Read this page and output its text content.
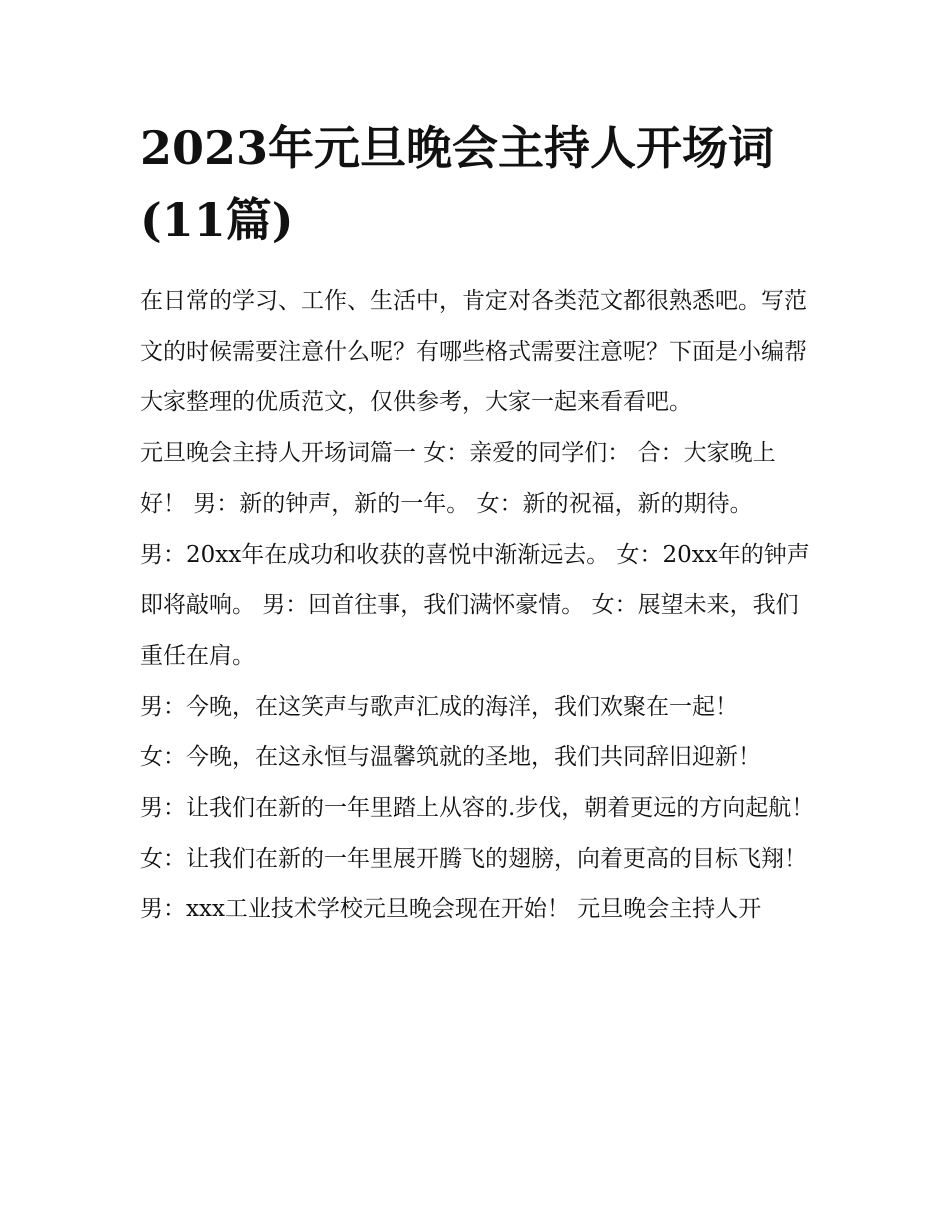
2023年元旦晚会主持人开场词(11篇)

在日常的学习、工作、生活中，肯定对各类范文都很熟悉吧。写范文的时候需要注意什么呢？有哪些格式需要注意呢？下面是小编帮大家整理的优质范文，仅供参考，大家一起来看看吧。

元旦晚会主持人开场词篇一 女：亲爱的同学们： 合：大家晚上好！ 男：新的钟声，新的一年。 女：新的祝福，新的期待。

男：20xx年在成功和收获的喜悦中渐渐远去。 女：20xx年的钟声即将敲响。 男：回首往事，我们满怀豪情。 女：展望未来，我们重任在肩。

男：今晚，在这笑声与歌声汇成的海洋，我们欢聚在一起！

女：今晚，在这永恒与温馨筑就的圣地，我们共同辞旧迎新！

男：让我们在新的一年里踏上从容的.步伐，朝着更远的方向起航！ 女：让我们在新的一年里展开腾飞的翅膀，向着更高的目标飞翔！

男：xxx工业技术学校元旦晚会现在开始！ 元旦晚会主持人开
